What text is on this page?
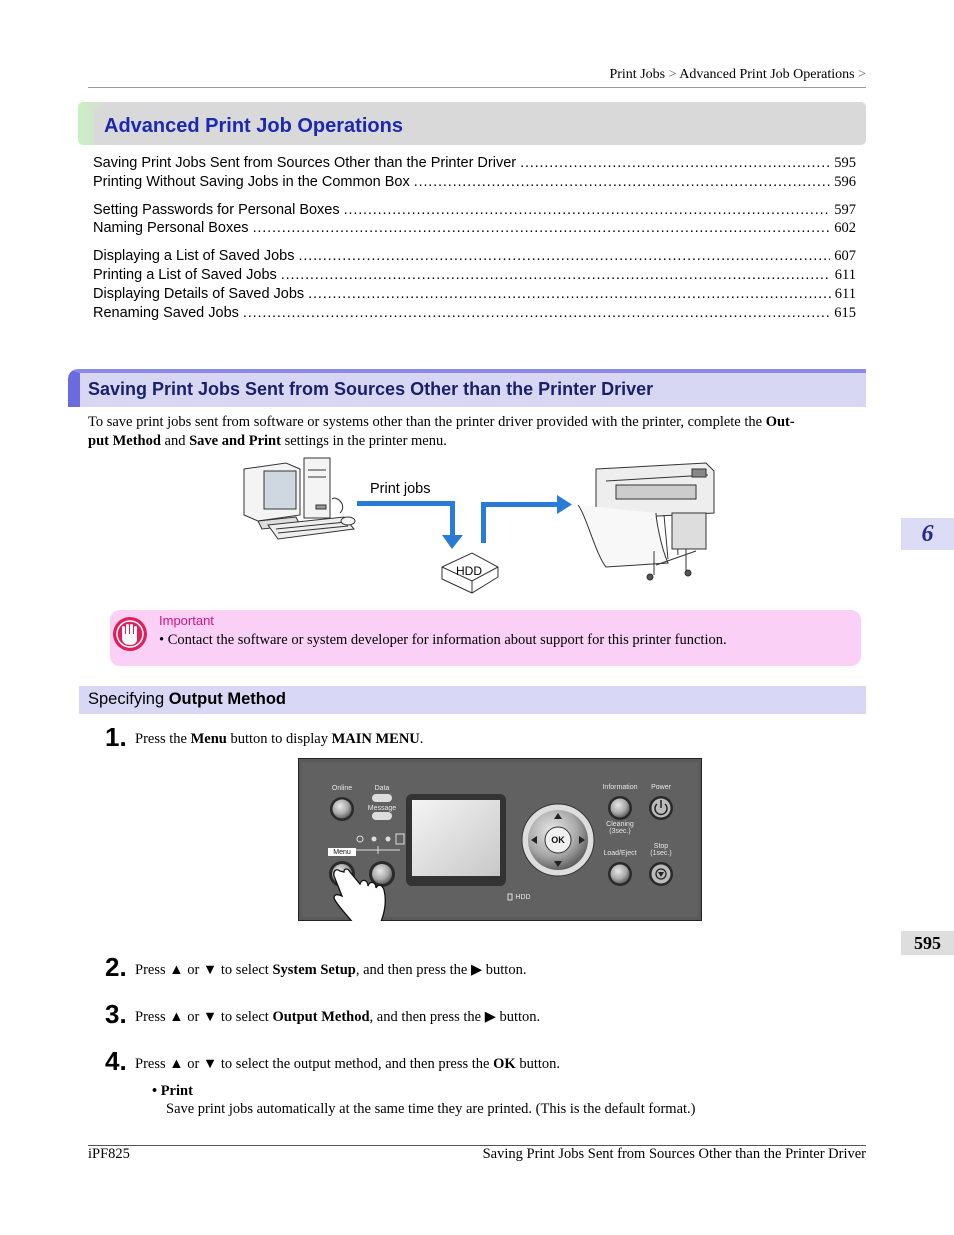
Print Jobs > Advanced Print Job Operations >
Advanced Print Job Operations
Saving Print Jobs Sent from Sources Other than the Printer Driver . . .	595
Printing Without Saving Jobs in the Common Box . . .	596
Setting Passwords for Personal Boxes . . .	597
Naming Personal Boxes . . .	602
Displaying a List of Saved Jobs . . .	607
Printing a List of Saved Jobs . . .	611
Displaying Details of Saved Jobs . . .	611
Renaming Saved Jobs . . .	615
Saving Print Jobs Sent from Sources Other than the Printer Driver
To save print jobs sent from software or systems other than the printer driver provided with the printer, complete the Out-
put Method and Save and Print settings in the printer menu.
Print jobs
HDD
Important
• Contact the software or system developer for information about support for this printer function.
Specifying Output Method
1. Press the Menu button to display MAIN MENU.
Online	Data
Message
Menu
Information Power
Cleaning
(3sec.)
Load/Eject
Stop
(1sec.)
OK
HDD
2. Press ▲ or ▼ to select System Setup, and then press the ▶ button.
3. Press ▲ or ▼ to select Output Method, and then press the ▶ button.
4. Press ▲ or ▼ to select the output method, and then press the OK button.
• Print
Save print jobs automatically at the same time they are printed. (This is the default format.)
iPF825	Saving Print Jobs Sent from Sources Other than the Printer Driver
6
595
